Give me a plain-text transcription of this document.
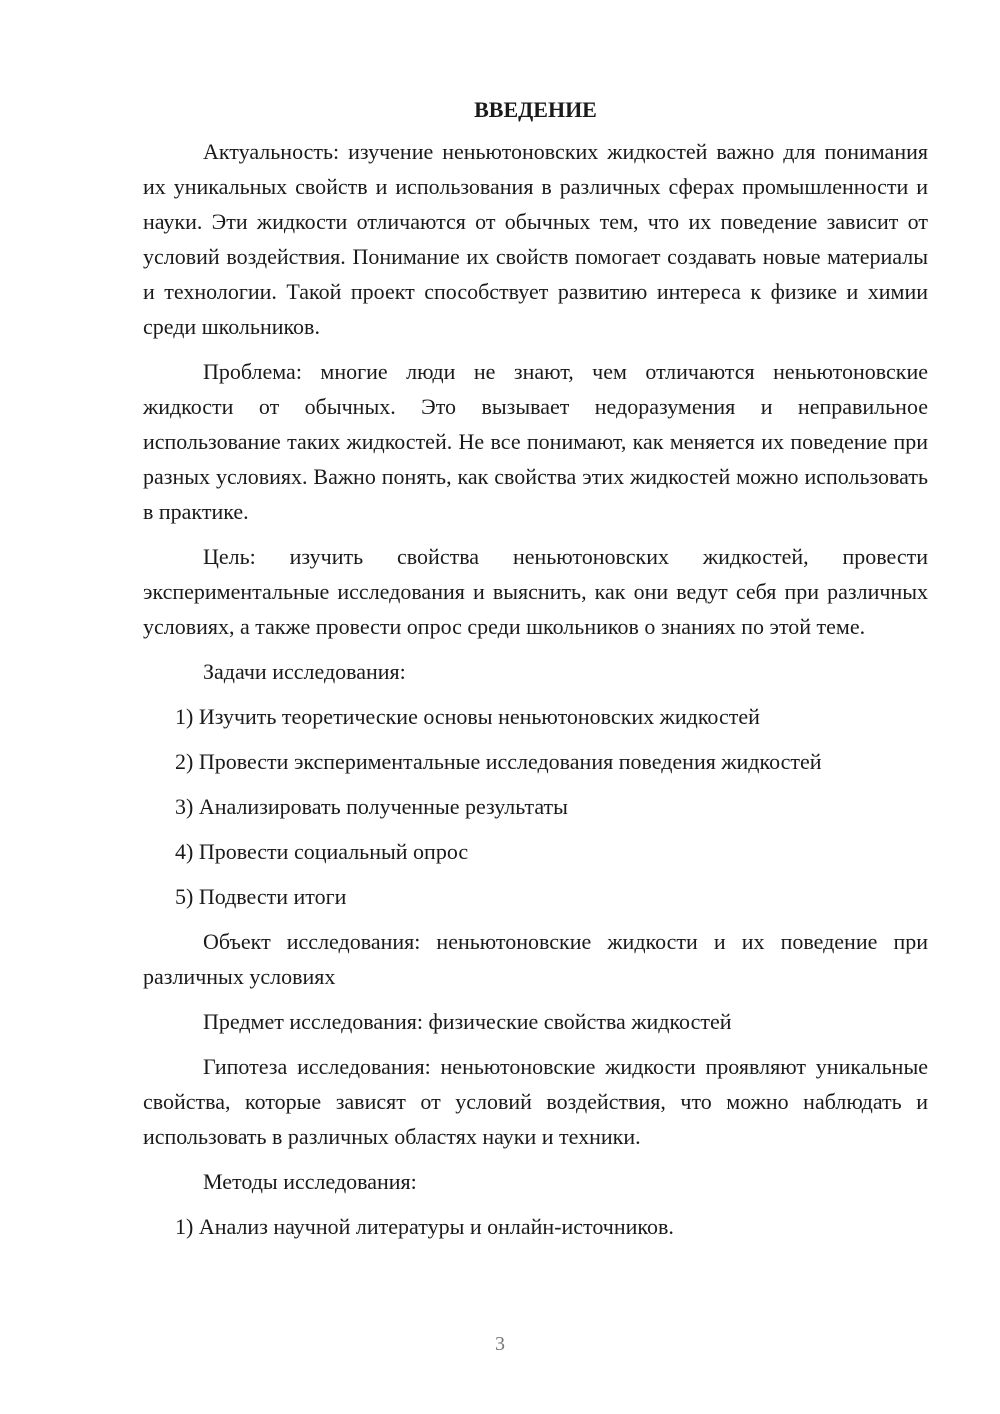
ВВЕДЕНИЕ

Актуальность: изучение неньютоновских жидкостей важно для понимания их уникальных свойств и использования в различных сферах промышленности и науки. Эти жидкости отличаются от обычных тем, что их поведение зависит от условий воздействия. Понимание их свойств помогает создавать новые материалы и технологии. Такой проект способствует развитию интереса к физике и химии среди школьников.

Проблема: многие люди не знают, чем отличаются неньютоновские жидкости от обычных. Это вызывает недоразумения и неправильное использование таких жидкостей. Не все понимают, как меняется их поведение при разных условиях. Важно понять, как свойства этих жидкостей можно использовать в практике.

Цель: изучить свойства неньютоновских жидкостей, провести экспериментальные исследования и выяснить, как они ведут себя при различных условиях, а также провести опрос среди школьников о знаниях по этой теме.

Задачи исследования:

1) Изучить теоретические основы неньютоновских жидкостей
2) Провести экспериментальные исследования поведения жидкостей
3) Анализировать полученные результаты
4) Провести социальный опрос
5) Подвести итоги

Объект исследования: неньютоновские жидкости и их поведение при различных условиях

Предмет исследования: физические свойства жидкостей

Гипотеза исследования: неньютоновские жидкости проявляют уникальные свойства, которые зависят от условий воздействия, что можно наблюдать и использовать в различных областях науки и техники.

Методы исследования:

1) Анализ научной литературы и онлайн-источников.
3
